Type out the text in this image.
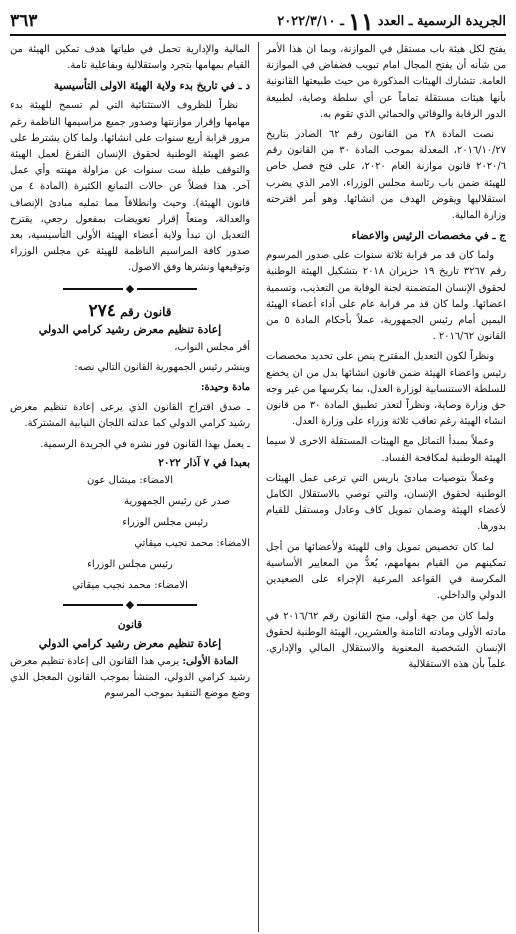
الجريدة الرسمية ـ العدد
١١
ـ ٢٠٢٢/٣/١٠
٣٦٣

يفتح لكل هيئة باب مستقل في الموازنة، وبما ان هذا الأمر من شأنه أن يفتح المجال امام تبويب فضفاض في الموازنة العامة. تتشارك الهيئات المذكورة من حيث طبيعتها القانونية بأنها هيئات مستقلة تماماً عن أي سلطة وصاية، لطبيعة الدور الرقابة والوقائي والحمائي الذي تقوم به.

نصت المادة ٢٨ من القانون رقم ٦٢ الصادر بتاريخ ٢٠١٦/١٠/٢٧، المعدلة بموجب المادة ٣٠ من القانون رقم ٢٠٢٠/٦ قانون موازنة العام ٢٠٢٠، على فتح فصل خاص للهيئة ضمن باب رئاسة مجلس الوزراء، الامر الذي يضرب استقلاليها ويقوض الهدف من انشائها. وهو أمر اقترحته وزارة المالية.

ج ـ في مخصصات الرئيس والاعضاء

ولما كان قد مر قرابة ثلاثة سنوات على صدور المرسوم رقم ٣٢٦٧ تاريخ ١٩ حزيران ٢٠١٨ بتشكيل الهيئة الوطنية لحقوق الإنسان المتضمنة لجنة الوقاية من التعذيب، وتسمية اعضائها. ولما كان قد مر قرابة عام على أداء أعضاء الهيئة اليمين أمام رئيس الجمهورية، عملاً بأحكام المادة ٥ من القانون ٢٠١٦/٦٢ .

ونظراً لكون التعديل المقترح ينص على تحديد مخصصات رئيس واعضاء الهيئة ضمن قانون انشائها بدل من ان يخضع للسلطة الاستنسابية لوزارة العدل، بما يكرسها من غير وجه حق وزارة وصاية، ونظراً لتعذر تطبيق المادة ٣٠ من قانون انشاء الهيئة رغم تعاقب ثلاثة وزراء على وزارة العدل.

وعملاً بمبدأ التماثل مع الهيئات المستقلة الاخرى لا سيما الهيئة الوطنية لمكافحة الفساد.

وعملاً بتوصيات مبادئ باريس التي ترعى عمل الهيئات الوطنية لحقوق الإنسان، والتي توصي بالاستقلال الكامل لأعضاء الهيئة وضمان تمويل كاف وعادل ومستقل للقيام بدورها.

لما كان تخصيص تمويل واف للهيئة ولأعضائها من أجل تمكينهم من القيام بمهامهم، يُعدُّ من المعايير الأساسية المكرسة في القواعد المرعية الإجراء على الصعيدين الدولي والداخلي.

ولما كان من جهة أولى، منح القانون رقم ٢٠١٦/٦٢ في مادته الأولى ومادته الثامنة والعشرين، الهيئة الوطنية لحقوق الإنسان الشخصية المعنوية والاستقلال المالي والإداري. علماً بأن هذه الاستقلالية

المالية والإدارية تحمل في طياتها هدف تمكين الهيئة من القيام بمهامها بتجرد واستقلالية وبفاعلية تامة.

د ـ في تاريخ بدء ولاية الهيئة الاولى التأسيسية

نظراً للظروف الاستثنائية التي لم تسمح للهيئة بدء مهامها وإقرار موازنتها وصدور جميع مراسيمها الناظمة رغم مرور قرابة أربع سنوات على انشائها. ولما كان يشترط على عضو الهيئة الوطنية لحقوق الإنسان التفرغ لعمل الهيئة والتوقف طيلة ست سنوات عن مزاولة مهنته وأي عمل آخر. هذا فضلاً عن حالات التمانع الكثيرة (المادة ٤ من قانون الهيئة). وحيث وانطلاقاً مما تمليه مبادئ الإنصاف والعدالة، ومنعاً إقرار تعويضات بمفعول رجعي، يقترح التعديل ان تبدأ ولاية أعضاء الهيئة الأولى التأسيسية، بعد صدور كافة المراسيم الناظمة للهيئة عن مجلس الوزراء وتوقيعها ونشرها وفق الاصول.

◆
قانون رقم ٢٧٤

إعادة تنظيم معرض رشيد كرامي الدولي

أقر مجلس النواب،

وينشر رئيس الجمهورية القانون التالي نصه:

مادة وحيدة:

ـ صدق اقتراح القانون الذي يرعى إعادة تنظيم معرض رشيد كرامي الدولي كما عدلته اللجان النيابية المشتركة.

ـ يعمل بهذا القانون فور نشره في الجريدة الرسمية.

بعبدا في ٧ آذار ٢٠٢٢

الامضاء: ميشال عون

صدر عن رئيس الجمهورية

رئيس مجلس الوزراء

الامضاء: محمد نجيب ميقاتي

رئيس مجلس الوزراء

الامضاء: محمد نجيب ميقاتي

◆

قانون

إعادة تنظيم معرض رشيد كرامي الدولي

المادة الأولى: يرمي هذا القانون الى إعادة تنظيم معرض رشيد كرامي الدولي، المنشأ بموجب القانون المعجل الذي وضع موضع التنفيذ بموجب المرسوم
